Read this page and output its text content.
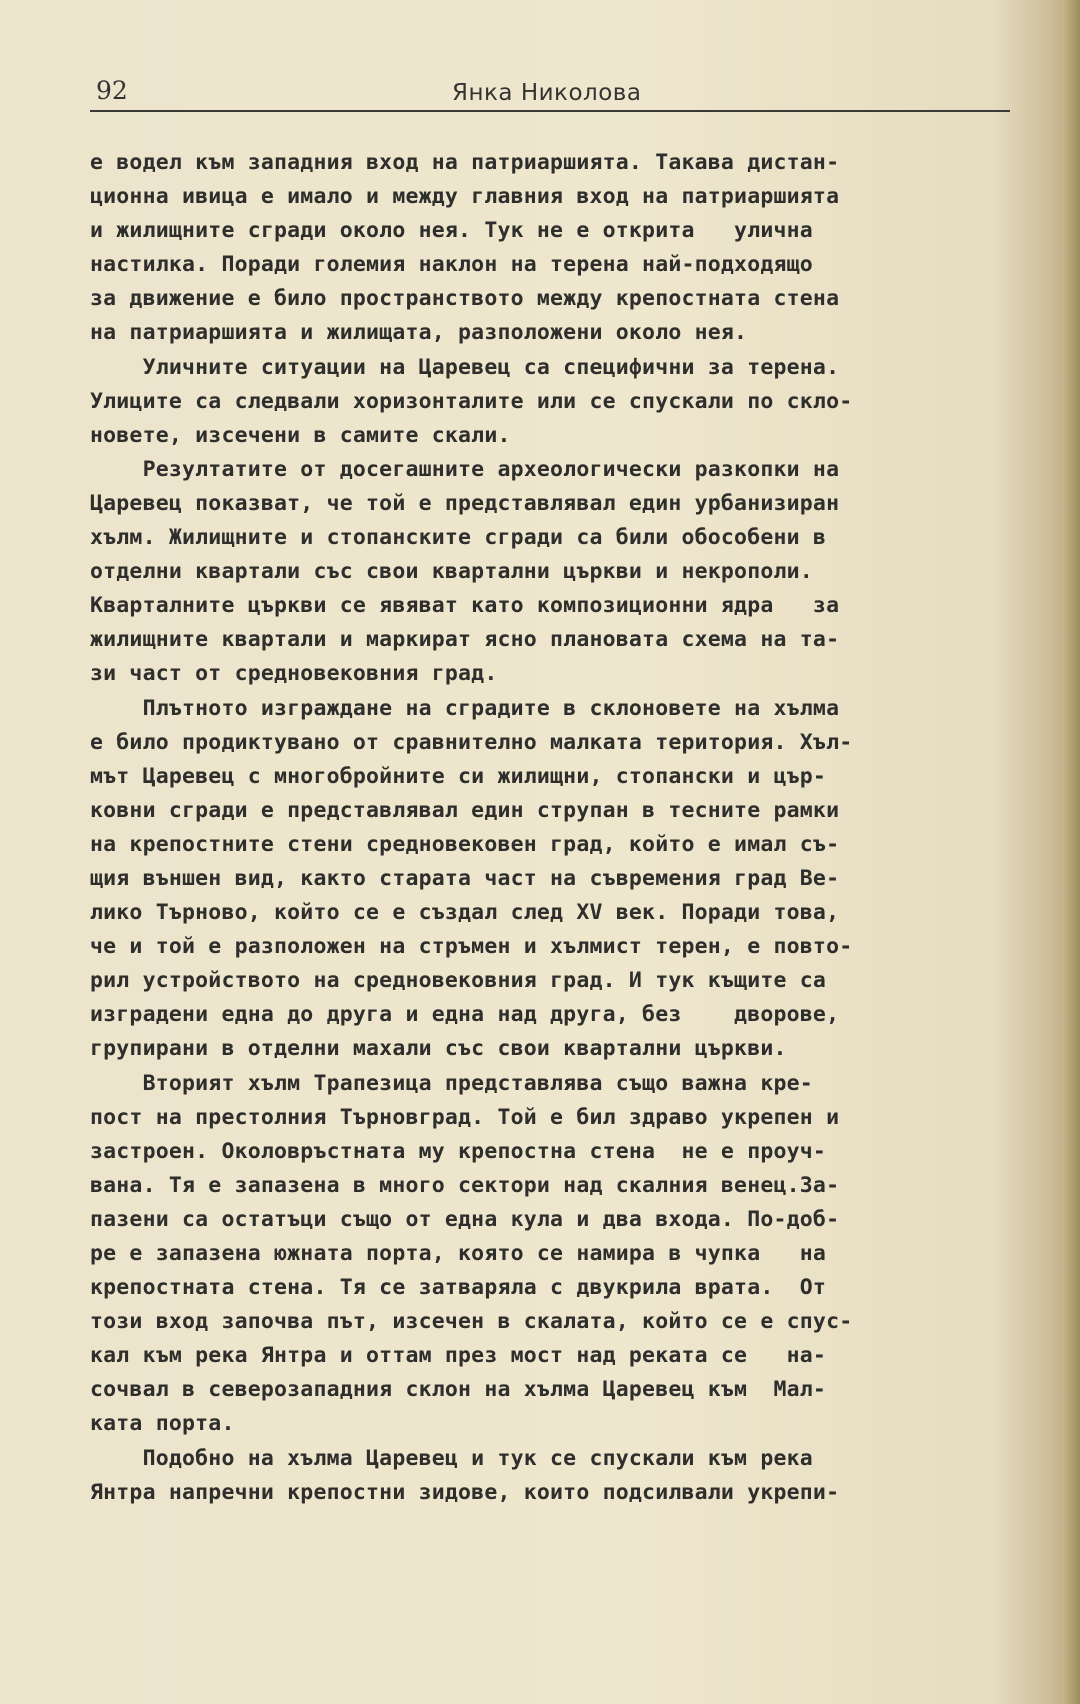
92	Янка Николова
е водел към западния вход на патриаршията. Такава дистан-
ционна ивица е имало и между главния вход на патриаршията
и жилищните сгради около нея. Тук не е открита   улична
настилка. Поради големия наклон на терена най-подходящо
за движение е било пространството между крепостната стена
на патриаршията и жилищата, разположени около нея.
Уличните ситуации на Царевец са специфични за терена.
Улиците са следвали хоризонталите или се спускали по скло-
новете, изсечени в самите скали.
Резултатите от досегашните археологически разкопки на
Царевец показват, че той е представлявал един урбанизиран
хълм. Жилищните и стопанските сгради са били обособени в
отделни квартали със свои квартални църкви и некрополи.
Кварталните църкви се явяват като композиционни ядра   за
жилищните квартали и маркират ясно плановата схема на та-
зи част от средновековния град.
Плътното изграждане на сградите в склоновете на хълма
е било продиктувано от сравнително малката територия. Хъл-
мът Царевец с многобройните си жилищни, стопански и цър-
ковни сгради е представлявал един струпан в тесните рамки
на крепостните стени средновековен град, който е имал съ-
щия външен вид, както старата част на съвремения град Ве-
лико Търново, който се е създал след XV век. Поради това,
че и той е разположен на стръмен и хълмист терен, е повто-
рил устройството на средновековния град. И тук къщите са
изградени една до друга и една над друга, без    дворове,
групирани в отделни махали със свои квартални църкви.
Вторият хълм Трапезица представлява също важна кре-
пост на престолния Търновград. Той е бил здраво укрепен и
застроен. Околовръстната му крепостна стена  не е проуч-
вана. Тя е запазена в много сектори над скалния венец.За-
пазени са остатъци също от една кула и два входа. По-доб-
ре е запазена южната порта, която се намира в чупка   на
крепостната стена. Тя се затваряла с двукрила врата.  От
този вход започва път, изсечен в скалата, който се е спус-
кал към река Янтра и оттам през мост над реката се   на-
сочвал в северозападния склон на хълма Царевец към  Мал-
ката порта.
Подобно на хълма Царевец и тук се спускали към река
Янтра напречни крепостни зидове, които подсилвали укрепи-
